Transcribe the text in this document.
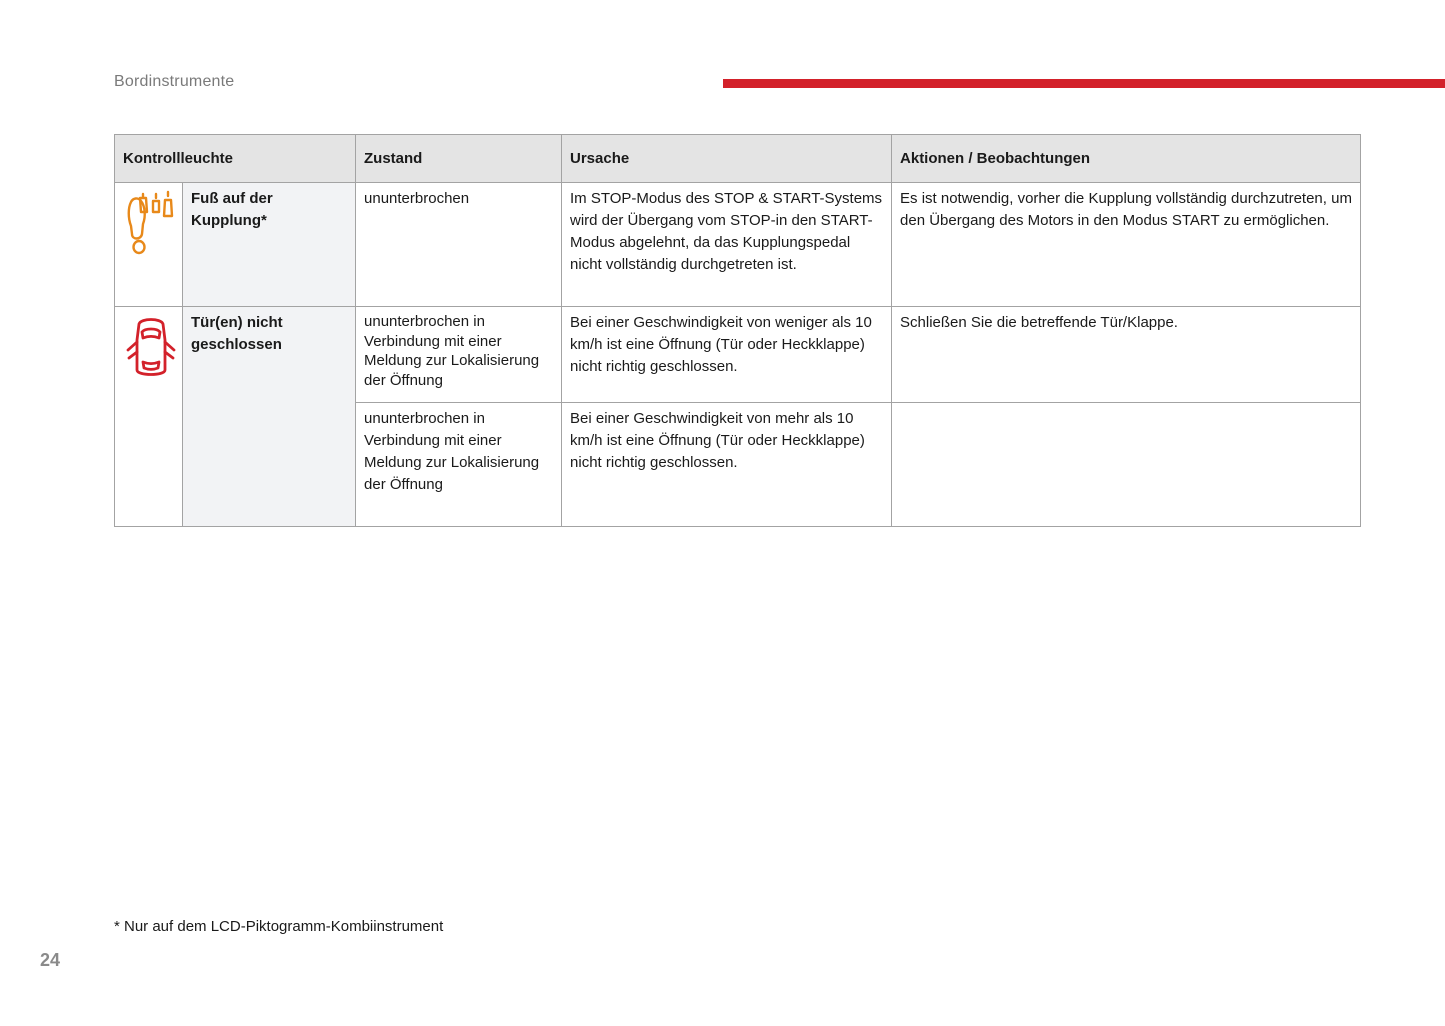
Bordinstrumente
Kontrollleuchte		Zustand	Ursache	Aktionen / Beobachtungen

	Fuß auf der Kupplung*	ununterbrochen	Im STOP-Modus des STOP & START-Systems wird der Übergang vom STOP-in den START-Modus abgelehnt, da das Kupplungspedal nicht vollständig durchgetreten ist.	Es ist notwendig, vorher die Kupplung vollständig durchzutreten, um den Übergang des Motors in den Modus START zu ermöglichen.

	Tür(en) nicht geschlossen	ununterbrochen in Verbindung mit einer Meldung zur Lokalisierung der Öffnung	Bei einer Geschwindigkeit von weniger als 10 km/h ist eine Öffnung (Tür oder Heckklappe) nicht richtig geschlossen.	Schließen Sie die betreffende Tür/Klappe.
		ununterbrochen in Verbindung mit einer Meldung zur Lokalisierung der Öffnung	Bei einer Geschwindigkeit von mehr als 10 km/h ist eine Öffnung (Tür oder Heckklappe) nicht richtig geschlossen.	
* Nur auf dem LCD-Piktogramm-Kombiinstrument
24
